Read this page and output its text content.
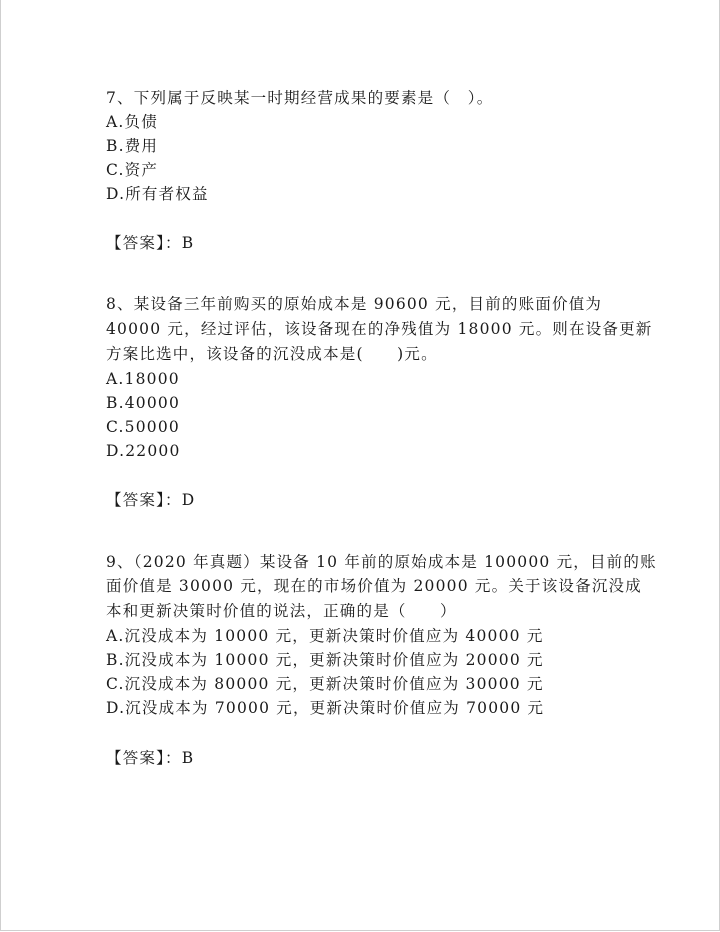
7、下列属于反映某一时期经营成果的要素是（　）。
A.负债
B.费用
C.资产
D.所有者权益
【答案】：B
8、某设备三年前购买的原始成本是 90600 元，目前的账面价值为
40000 元，经过评估，该设备现在的净残值为 18000 元。则在设备更新
方案比选中，该设备的沉没成本是(　　)元。
A.18000
B.40000
C.50000
D.22000
【答案】：D
9、（2020 年真题）某设备 10 年前的原始成本是 100000 元，目前的账
面价值是 30000 元，现在的市场价值为 20000 元。关于该设备沉没成
本和更新决策时价值的说法，正确的是（　　）
A.沉没成本为 10000 元，更新决策时价值应为 40000 元
B.沉没成本为 10000 元，更新决策时价值应为 20000 元
C.沉没成本为 80000 元，更新决策时价值应为 30000 元
D.沉没成本为 70000 元，更新决策时价值应为 70000 元
【答案】：B
